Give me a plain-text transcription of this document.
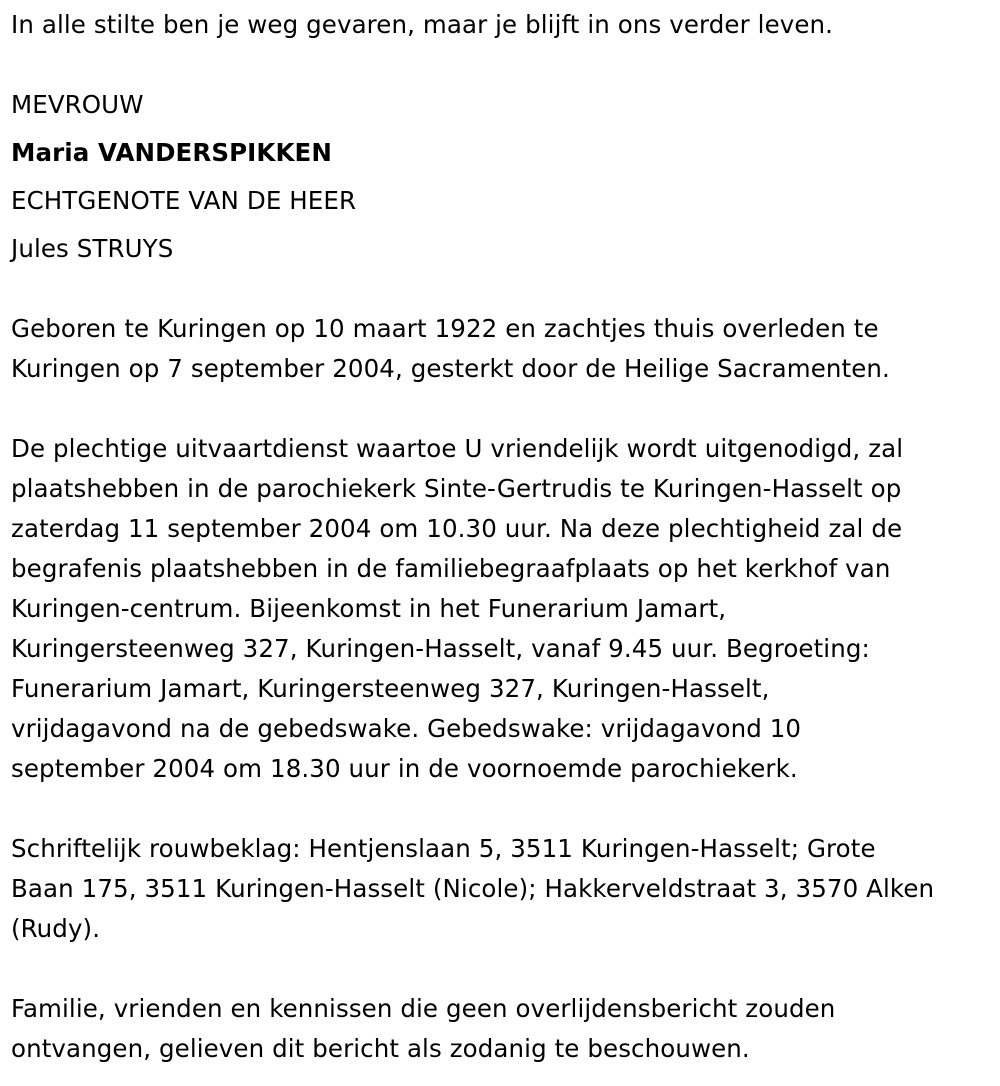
In alle stilte ben je weg gevaren, maar je blijft in ons verder leven.
MEVROUW
Maria VANDERSPIKKEN
ECHTGENOTE VAN DE HEER
Jules STRUYS
Geboren te Kuringen op 10 maart 1922 en zachtjes thuis overleden te
Kuringen op 7 september 2004, gesterkt door de Heilige Sacramenten.
De plechtige uitvaartdienst waartoe U vriendelijk wordt uitgenodigd, zal
plaatshebben in de parochiekerk Sinte-Gertrudis te Kuringen-Hasselt op
zaterdag 11 september 2004 om 10.30 uur. Na deze plechtigheid zal de
begrafenis plaatshebben in de familiebegraafplaats op het kerkhof van
Kuringen-centrum. Bijeenkomst in het Funerarium Jamart,
Kuringersteenweg 327, Kuringen-Hasselt, vanaf 9.45 uur. Begroeting:
Funerarium Jamart, Kuringersteenweg 327, Kuringen-Hasselt,
vrijdagavond na de gebedswake. Gebedswake: vrijdagavond 10
september 2004 om 18.30 uur in de voornoemde parochiekerk.
Schriftelijk rouwbeklag: Hentjenslaan 5, 3511 Kuringen-Hasselt; Grote
Baan 175, 3511 Kuringen-Hasselt (Nicole); Hakkerveldstraat 3, 3570 Alken
(Rudy).
Familie, vrienden en kennissen die geen overlijdensbericht zouden
ontvangen, gelieven dit bericht als zodanig te beschouwen.
